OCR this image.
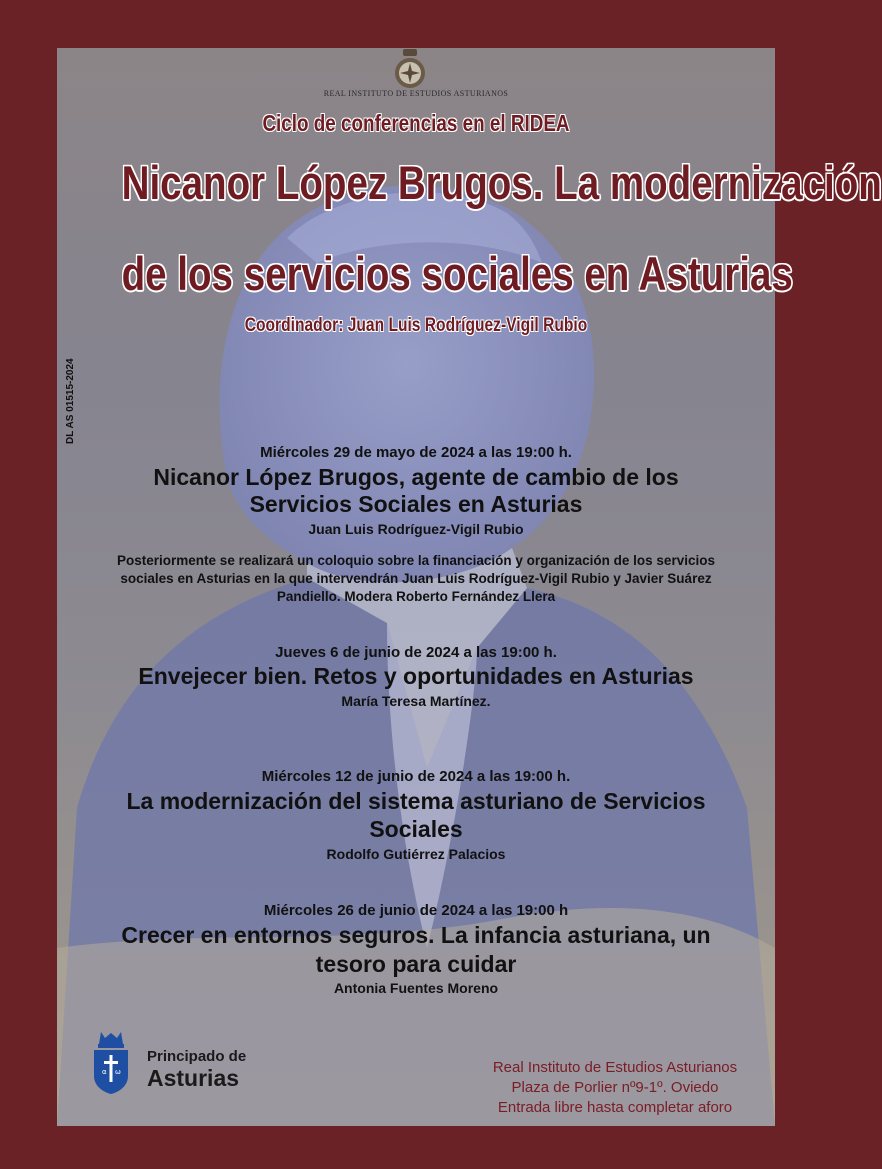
REAL INSTITUTO DE ESTUDIOS ASTURIANOS
Ciclo de conferencias en el RIDEA
Nicanor López Brugos. La modernización
de los servicios sociales en Asturias
Coordinador: Juan Luis Rodríguez-Vigil Rubio
DL AS 01515-2024
Miércoles 29 de mayo de 2024 a las 19:00 h.
Nicanor López Brugos, agente de cambio de los
Servicios Sociales en Asturias
Juan Luis Rodríguez-Vigil Rubio
Posteriormente se realizará un coloquio sobre la financiación y organización de los servicios
sociales en Asturias en la que intervendrán Juan Luis Rodríguez-Vigil Rubio y Javier Suárez
Pandiello. Modera Roberto Fernández Llera
Jueves 6 de junio de 2024 a las 19:00 h.
Envejecer bien. Retos y oportunidades en Asturias
María Teresa Martínez.
Miércoles 12 de junio de 2024 a las 19:00 h.
La modernización del sistema asturiano de Servicios
Sociales
Rodolfo Gutiérrez Palacios
Miércoles 26 de junio de 2024 a las 19:00 h
Crecer en entornos seguros. La infancia asturiana, un
tesoro para cuidar
Antonia Fuentes Moreno
α ω
Principado de
Asturias	Real Instituto de Estudios Asturianos
Plaza de Porlier nº9-1º. Oviedo
Entrada libre hasta completar aforo
